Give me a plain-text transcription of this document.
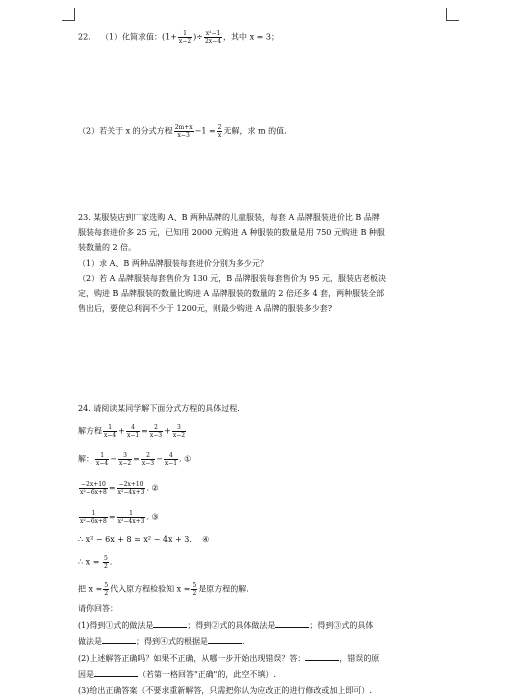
22. （1）化简求值：($1+ \frac{1}{x-2}$ )÷ $\frac{\text{x²−1}}{2x-4}$ ，其中 x = 3；
（2）若关于 x 的分式方程 $\frac{2m+x}{x-3} -1 = \frac{2}{x}$ 无解，求 m 的值.
23. 某服装店到厂家选购 A、B 两种品牌的儿童服装，每套 A 品牌服装进价比 B 品牌
服装每套进价多 25 元，已知用 2000 元购进 A 种服装的数量是用 750 元购进 B 种服
装数量的 2 倍。
（1）求 A、B 两种品牌服装每套进价分别为多少元？
（2）若 A 品牌服装每套售价为 130 元，B 品牌服装每套售价为 95 元，服装店老板决
定，购进 B 品牌服装的数量比购进 A 品牌服装的数量的 2 倍还多 4 套，两种服装全部
售出后，要使总利润不少于 1200元，则最少购进 A 品牌的服装多少套?
24. 请阅读某同学解下面分式方程的具体过程.
解方程 $\frac{1}{x-4} + \frac{4}{x-1} = \frac{2}{x-3} + \frac{3}{x-2}$
解： $\frac{1}{x-4} - \frac{3}{x-2} = \frac{2}{x-3} - \frac{4}{x-1}$ . ①
$\frac{-2x+10}{\text{x²−6x+8}} = \frac{-2x+10}{\text{x²−4x+3}}$ . ②
$\frac{1}{\text{x²−6x+8}} = \frac{1}{\text{x²−4x+3}}$ . ③
∴ x² − 6x + 8 = x² − 4x + 3. ④
∴ $x = \frac{5}{2}$ .
把 $x = \frac{5}{2}$ 代入原方程检验知 $x = \frac{5}{2}$ 是原方程的解.
请你回答：
(1)得到①式的做法是	；得到②式的具体做法是	；得到③式的具体
做法是	；得到④式的根据是	.
(2)上述解答正确吗？如果不正确，从哪一步开始出现错误？答：	，错误的原
因是	（若第一格回答"正确"的，此空不填）.
(3)给出正确答案（不要求重新解答，只需把你认为应改正的进行修改或加上即可）.
